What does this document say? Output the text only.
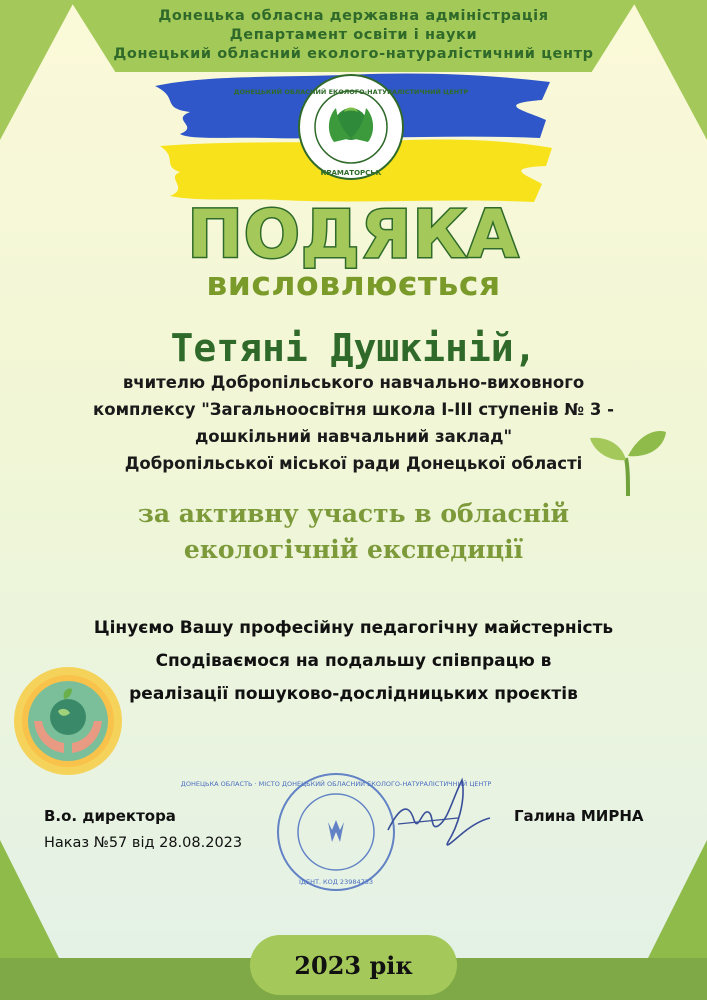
Донецька обласна державна адміністрація
Департамент освіти і науки
Донецький обласний еколого-натуралістичний центр
ДОНЕЦЬКИЙ ОБЛАСНИЙ ЕКОЛОГО-НАТУРАЛІСТИЧНИЙ ЦЕНТР
КРАМАТОРСЬК
ПОДЯКА
висловлюється
Тетяні Душкіній,
вчителю Добропільського навчально-виховного
комплексу "Загальноосвітня школа І-ІІІ ступенів № 3 -
дошкільний навчальний заклад"
Добропільської міської ради Донецької області
за активну участь в обласній
екологічній експедиції
Цінуємо Вашу професійну педагогічну майстерність
Сподіваємося на подальшу співпрацю в
реалізації пошуково-дослідницьких проєктів
В.о. директора
Наказ №57 від 28.08.2023
Галина МИРНА
ДОНЕЦЬКА ОБЛАСТЬ · МІСТО ДОНЕЦЬКИЙ ОБЛАСНИЙ ЕКОЛОГО-НАТУРАЛІСТИЧНИЙ ЦЕНТР
ІДЕНТ. КОД 23984733
2023 рік
